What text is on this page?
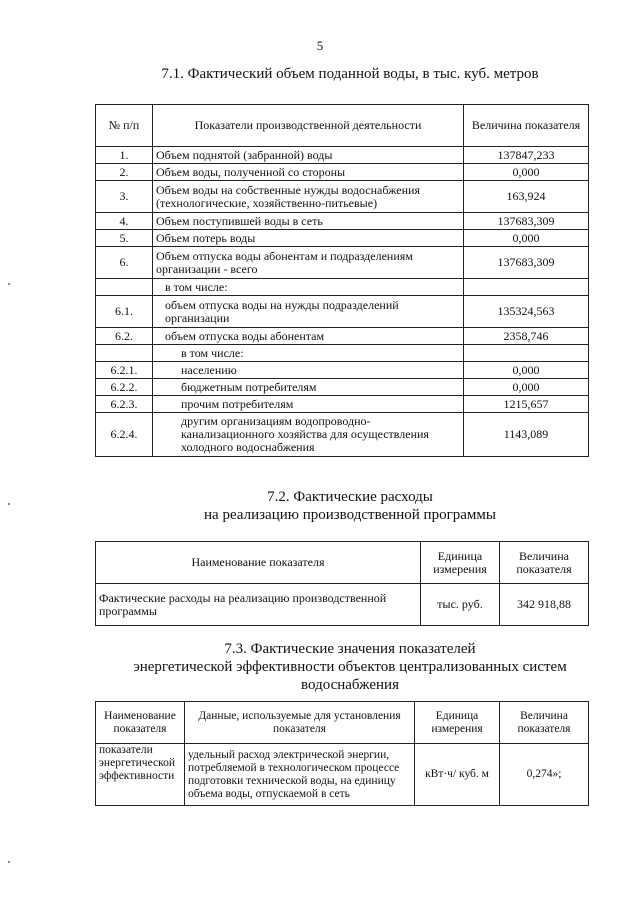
5
7.1. Фактический объем поданной воды, в тыс. куб. метров
№ п/п	Показатели производственной деятельности	Величина показателя
1.	Объем поднятой (забранной) воды	137847,233
2.	Объем воды, полученной со стороны	0,000
3.	Объем воды на собственные нужды водоснабжения (технологические, хозяйственно-питьевые)	163,924
4.	Объем поступившей воды в сеть	137683,309
5.	Объем потерь воды	0,000
6.	Объем отпуска воды абонентам и подразделениям организации - всего	137683,309
	в том числе:	
6.1.	объем отпуска воды на нужды подразделений организации	135324,563
6.2.	объем отпуска воды абонентам	2358,746
	в том числе:	
6.2.1.	населению	0,000
6.2.2.	бюджетным потребителям	0,000
6.2.3.	прочим потребителям	1215,657
6.2.4.	другим организациям водопроводно-канализационного хозяйства для осуществления холодного водоснабжения	1143,089
7.2. Фактические расходы
на реализацию производственной программы
Наименование показателя	Единица измерения	Величина показателя
Фактические расходы на реализацию производственной программы	тыс. руб.	342 918,88
7.3. Фактические значения показателей
энергетической эффективности объектов централизованных систем
водоснабжения
Наименование показателя	Данные, используемые для установления показателя	Единица измерения	Величина показателя
показатели энергетической эффективности	удельный расход электрической энергии, потребляемой в технологическом процессе подготовки технической воды, на единицу объема воды, отпускаемой в сеть	кВт·ч/ куб. м	0,274»;
